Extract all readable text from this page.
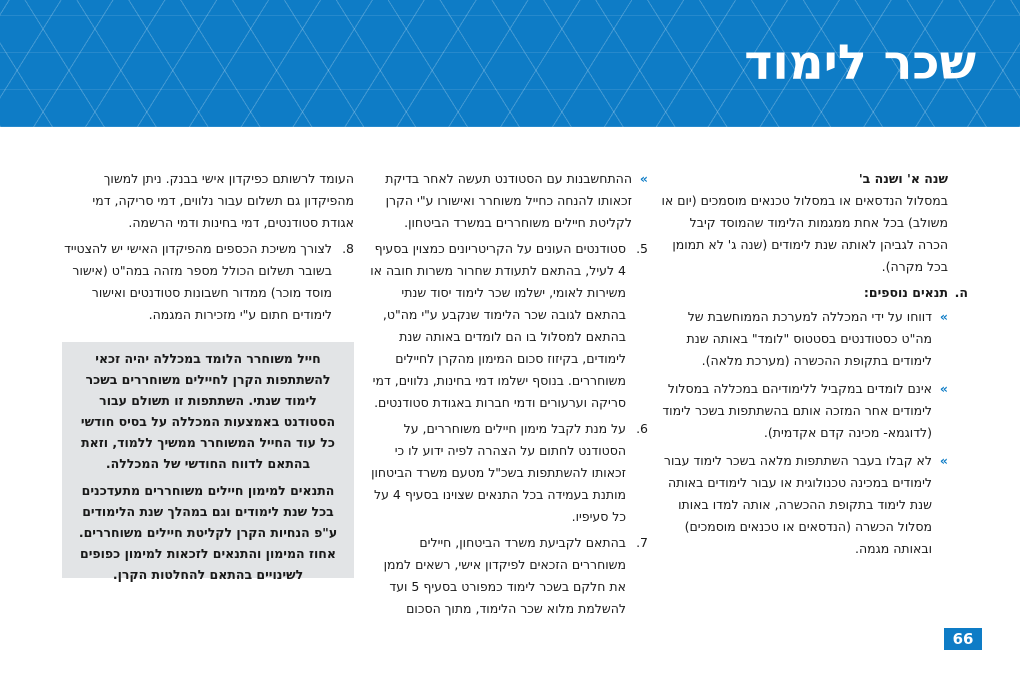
שכר לימוד

שנה א' ושנה ב'

במסלול הנדסאים או במסלול טכנאים מוסמכים (יום או משולב) בכל אחת ממגמות הלימוד שהמוסד קיבל הכרה לגביהן לאותה שנת לימודים (שנה ג' לא תמומן בכל מקרה).

ה.
תנאים נוספים:

»
דווחו על ידי המכללה למערכת הממוחשבת של מה"ט כסטודנטים בסטטוס "לומד" באותה שנת לימודים בתקופת ההכשרה (מערכת מלאה).
»
אינם לומדים במקביל ללימודיהם במכללה במסלול לימודים אחר המזכה אותם בהשתתפות בשכר לימוד (לדוגמא- מכינה קדם אקדמית).
»
לא קבלו בעבר השתתפות מלאה בשכר לימוד עבור לימודים במכינה טכנולוגית או עבור לימודים באותה שנת לימוד בתקופת ההכשרה, אותה למדו באותו מסלול הכשרה (הנדסאים או טכנאים מוסמכים) ובאותה מגמה.
»
ההתחשבנות עם הסטודנט תעשה לאחר בדיקת זכאותו להנחה כחייל משוחרר ואישורו ע"י הקרן לקליטת חיילים משוחררים במשרד הביטחון.
5.
סטודנטים העונים על הקריטריונים כמצוין בסעיף 4 לעיל, בהתאם לתעודת שחרור משרות חובה או משירות לאומי, ישלמו שכר לימוד יסוד שנתי בהתאם לגובה שכר הלימוד שנקבע ע"י מה"ט, בהתאם למסלול בו הם לומדים באותה שנת לימודים, בקיזוז סכום המימון מהקרן לחיילים משוחררים. בנוסף ישלמו דמי בחינות, נלווים, דמי סריקה וערעורים ודמי חברות באגודת סטודנטים.
6.
על מנת לקבל מימון חיילים משוחררים, על הסטודנט לחתום על הצהרה לפיה ידוע לו כי זכאותו להשתתפות בשכ"ל מטעם משרד הביטחון מותנת בעמידה בכל התנאים שצוינו בסעיף 4 על כל סעיפיו.
7.
בהתאם לקביעת משרד הביטחון, חיילים משוחררים הזכאים לפיקדון אישי, רשאים לממן את חלקם בשכר לימוד כמפורט בסעיף 5 ועד להשלמת מלוא שכר הלימוד, מתוך הסכום

העומד לרשותם כפיקדון אישי בבנק. ניתן למשוך מהפיקדון גם תשלום עבור נלווים, דמי סריקה, דמי אגודת סטודנטים, דמי בחינות ודמי הרשמה.

8.
לצורך משיכת הכספים מהפיקדון האישי יש להצטייד בשובר תשלום הכולל מספר מזהה במה"ט (אישור מוסד מוכר) ממדור חשבונות סטודנטים ואישור לימודים חתום ע"י מזכירות המגמה.

חייל משוחרר הלומד במכללה יהיה זכאי להשתתפות הקרן לחיילים משוחררים בשכר לימוד שנתי. השתתפות זו תשולם עבור הסטודנט באמצעות המכללה על בסיס חודשי כל עוד החייל המשוחרר ממשיך ללמוד, וזאת בהתאם לדווח החודשי של המכללה.

התנאים למימון חיילים משוחררים מתעדכנים בכל שנת לימודים וגם במהלך שנת הלימודים ע"פ הנחיות הקרן לקליטת חיילים משוחררים. אחוז המימון והתנאים לזכאות למימון כפופים לשינויים בהתאם להחלטות הקרן.

66
